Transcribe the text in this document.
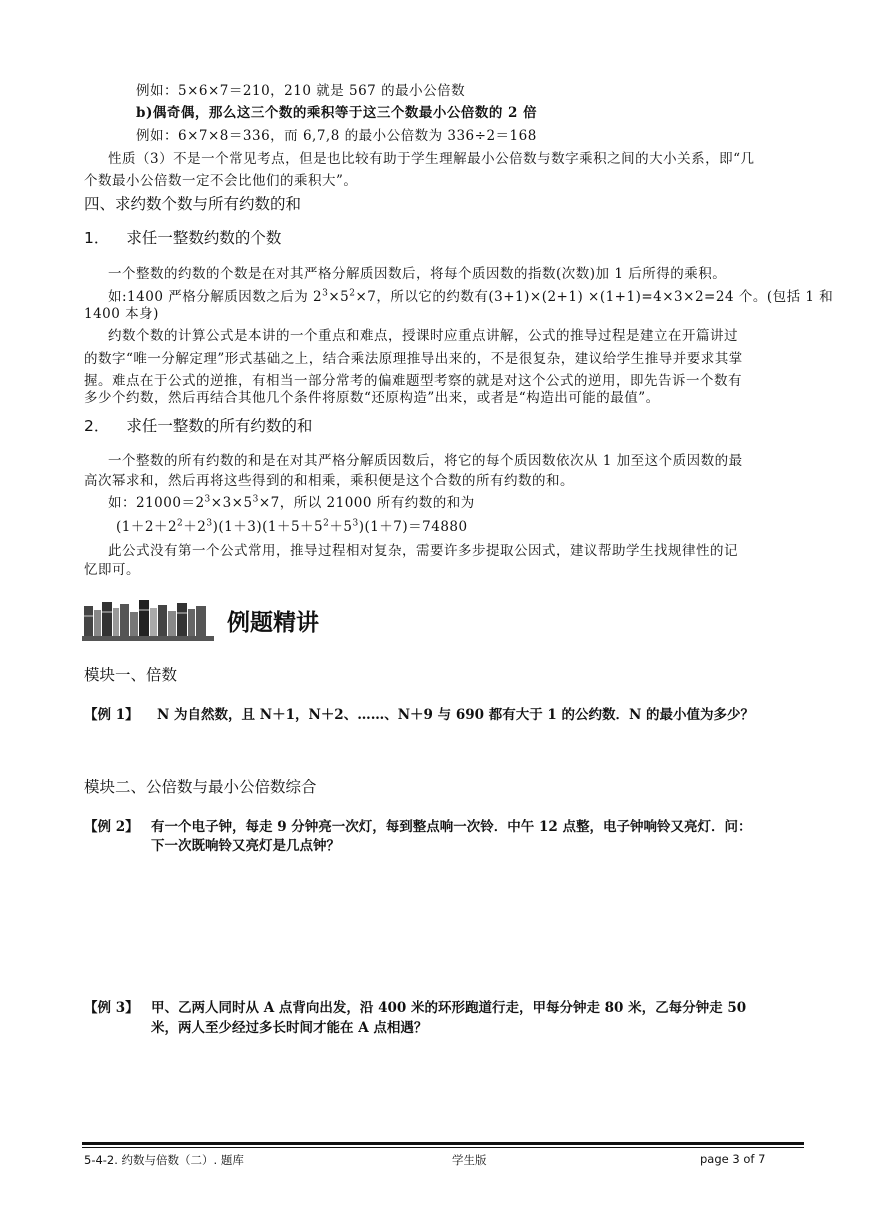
例如：5×6×7＝210，210 就是 567 的最小公倍数
b)偶奇偶，那么这三个数的乘积等于这三个数最小公倍数的 2 倍
例如：6×7×8＝336，而 6,7,8 的最小公倍数为 336÷2＝168
性质（3）不是一个常见考点，但是也比较有助于学生理解最小公倍数与数字乘积之间的大小关系，即“几
个数最小公倍数一定不会比他们的乘积大”。
四、求约数个数与所有约数的和
1． 求任一整数约数的个数
一个整数的约数的个数是在对其严格分解质因数后，将每个质因数的指数(次数)加 1 后所得的乘积。
如:1400 严格分解质因数之后为 $2^3\times 5^2\times 7$，所以它的约数有(3+1)×(2+1) ×(1+1)=4×3×2=24 个。(包括 1 和
1400 本身)
约数个数的计算公式是本讲的一个重点和难点，授课时应重点讲解，公式的推导过程是建立在开篇讲过
的数字“唯一分解定理”形式基础之上，结合乘法原理推导出来的，不是很复杂，建议给学生推导并要求其掌
握。难点在于公式的逆推，有相当一部分常考的偏难题型考察的就是对这个公式的逆用，即先告诉一个数有
多少个约数，然后再结合其他几个条件将原数“还原构造”出来，或者是“构造出可能的最值”。
2． 求任一整数的所有约数的和
一个整数的所有约数的和是在对其严格分解质因数后，将它的每个质因数依次从 1 加至这个质因数的最
高次幂求和，然后再将这些得到的和相乘，乘积便是这个合数的所有约数的和。
如：$21000=2^3\times 3\times 5^3\times 7$，所以 21000 所有约数的和为
$(1+2+2^2+2^3)(1+3)(1+5+5^2+5^3)(1+7)=74880$
此公式没有第一个公式常用，推导过程相对复杂，需要许多步提取公因式，建议帮助学生找规律性的记
忆即可。
例题精讲
模块一、倍数
【例 1】 N 为自然数，且 N＋1，N＋2、……、N＋9 与 690 都有大于 1 的公约数．N 的最小值为多少？
模块二、公倍数与最小公倍数综合
【例 2】 有一个电子钟，每走 9 分钟亮一次灯，每到整点响一次铃．中午 12 点整，电子钟响铃又亮灯．问：
下一次既响铃又亮灯是几点钟？
【例 3】 甲、乙两人同时从 A 点背向出发，沿 400 米的环形跑道行走，甲每分钟走 80 米，乙每分钟走 50
米，两人至少经过多长时间才能在 A 点相遇？
5-4-2. 约数与倍数（二）. 题库	学生版	page 3 of 7
